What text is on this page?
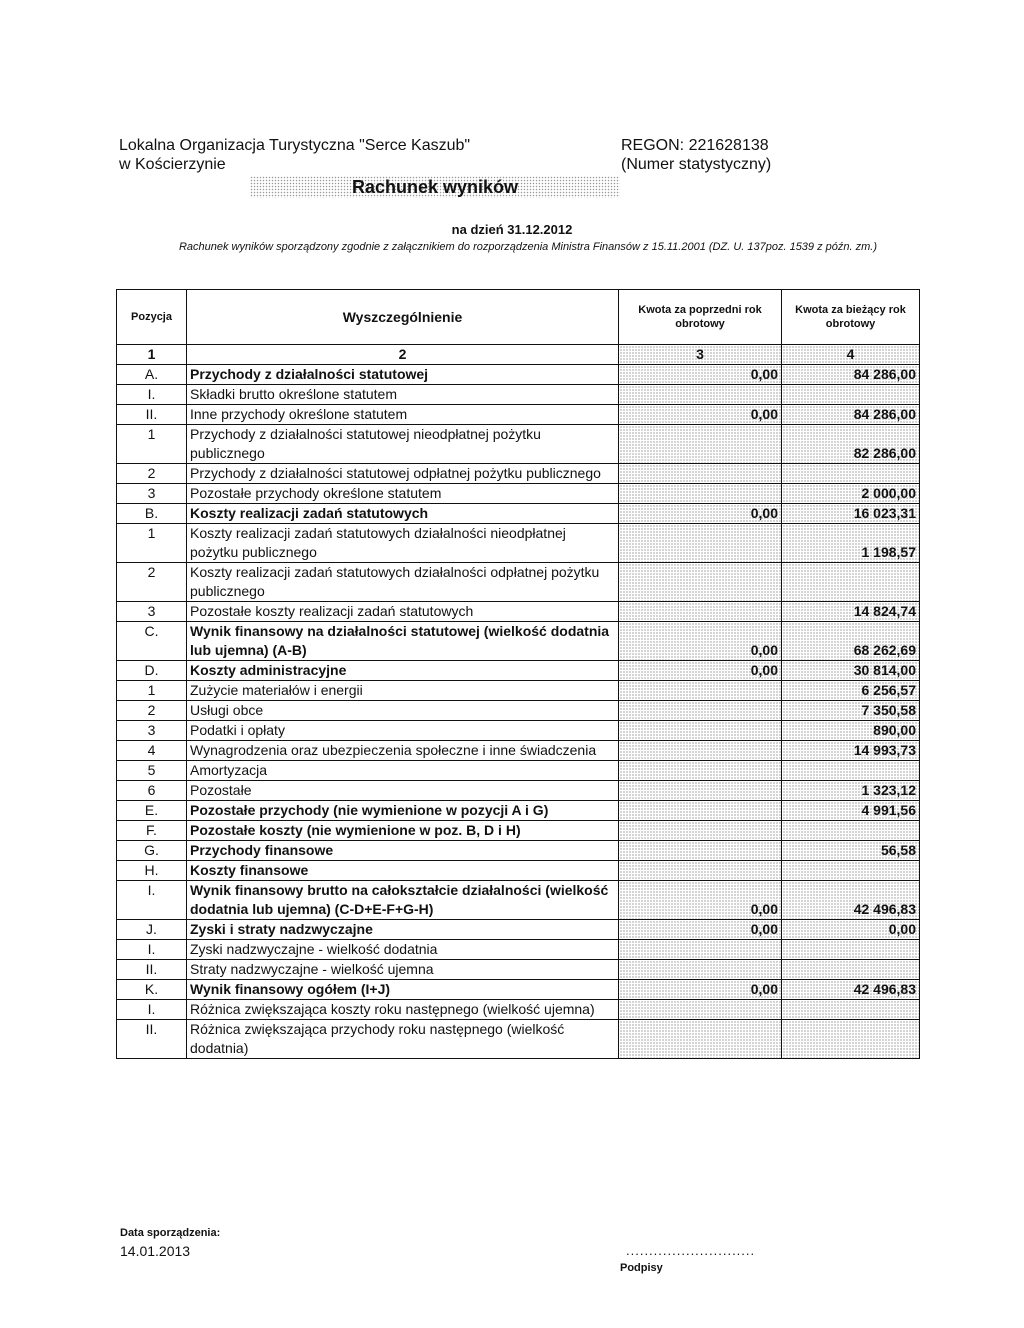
Lokalna Organizacja Turystyczna "Serce Kaszub"
w Kościerzynie
REGON: 221628138
(Numer statystyczny)
Rachunek wyników
na dzień 31.12.2012
Rachunek wyników sporządzony zgodnie z załącznikiem do rozporządzenia Ministra Finansów z 15.11.2001 (DZ. U. 137poz. 1539 z późn. zm.)
Pozycja	Wyszczególnienie	Kwota za poprzedni rok obrotowy	Kwota za bieżący rok obrotowy
1	2	3	4
A.	Przychody z działalności statutowej	0,00	84 286,00
I.	Składki brutto określone statutem		
II.	Inne przychody określone statutem	0,00	84 286,00
1	Przychody z działalności statutowej nieodpłatnej pożytku publicznego		82 286,00
2	Przychody z działalności statutowej odpłatnej pożytku publicznego		
3	Pozostałe przychody określone statutem		2 000,00
B.	Koszty realizacji zadań statutowych	0,00	16 023,31
1	Koszty realizacji zadań statutowych działalności nieodpłatnej pożytku publicznego		1 198,57
2	Koszty realizacji zadań statutowych działalności odpłatnej pożytku publicznego		
3	Pozostałe koszty realizacji zadań statutowych		14 824,74
C.	Wynik finansowy na działalności statutowej (wielkość dodatnia lub ujemna) (A-B)	0,00	68 262,69
D.	Koszty administracyjne	0,00	30 814,00
1	Zużycie materiałów i energii		6 256,57
2	Usługi obce		7 350,58
3	Podatki i opłaty		890,00
4	Wynagrodzenia oraz ubezpieczenia społeczne i inne świadczenia		14 993,73
5	Amortyzacja		
6	Pozostałe		1 323,12
E.	Pozostałe przychody (nie wymienione w pozycji A i G)		4 991,56
F.	Pozostałe koszty (nie wymienione w poz. B, D i H)		
G.	Przychody finansowe		56,58
H.	Koszty finansowe		
I.	Wynik finansowy brutto na całokształcie działalności (wielkość dodatnia lub ujemna) (C-D+E-F+G-H)	0,00	42 496,83
J.	Zyski i straty nadzwyczajne	0,00	0,00
I.	Zyski nadzwyczajne - wielkość dodatnia		
II.	Straty nadzwyczajne - wielkość ujemna		
K.	Wynik finansowy ogółem (I+J)	0,00	42 496,83
I.	Różnica zwiększająca koszty roku następnego (wielkość ujemna)		
II.	Różnica zwiększająca przychody roku następnego (wielkość dodatnia)		
Data sporządzenia:
14.01.2013	............................
Podpisy
